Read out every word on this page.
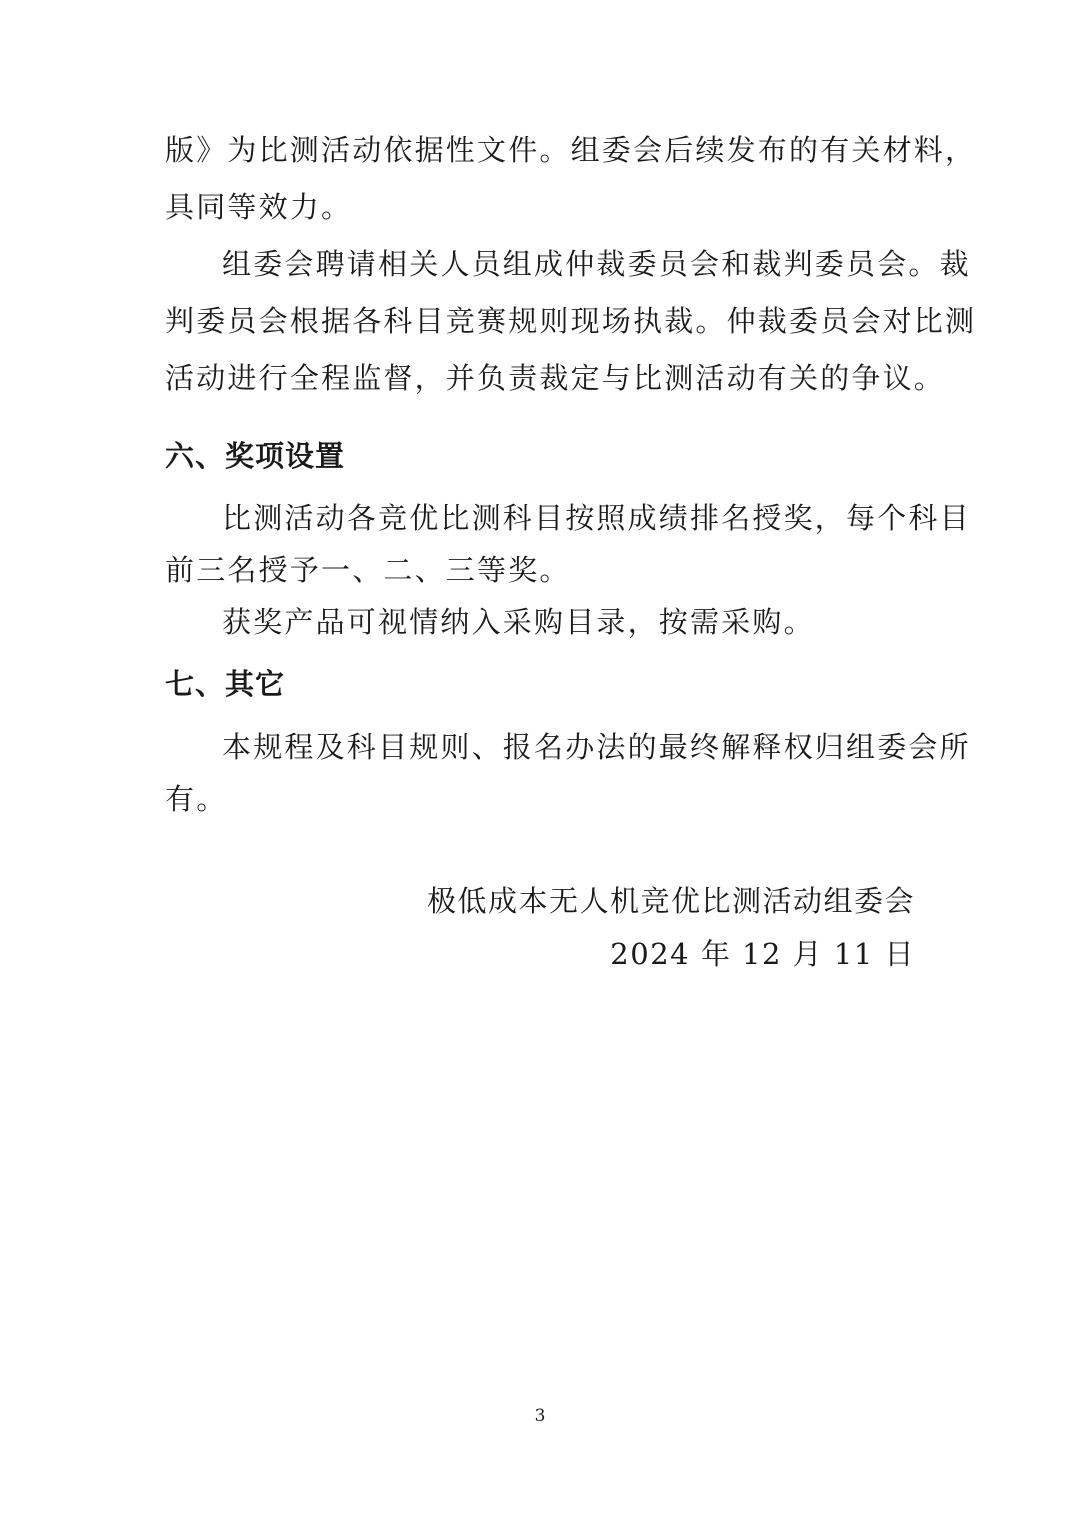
版》为比测活动依据性文件。组委会后续发布的有关材料，
具同等效力。
组委会聘请相关人员组成仲裁委员会和裁判委员会。裁
判委员会根据各科目竞赛规则现场执裁。仲裁委员会对比测
活动进行全程监督，并负责裁定与比测活动有关的争议。
六、奖项设置
比测活动各竞优比测科目按照成绩排名授奖，每个科目
前三名授予一、二、三等奖。
获奖产品可视情纳入采购目录，按需采购。
七、其它
本规程及科目规则、报名办法的最终解释权归组委会所
有。
极低成本无人机竞优比测活动组委会
2024 年 12 月 11 日
3
